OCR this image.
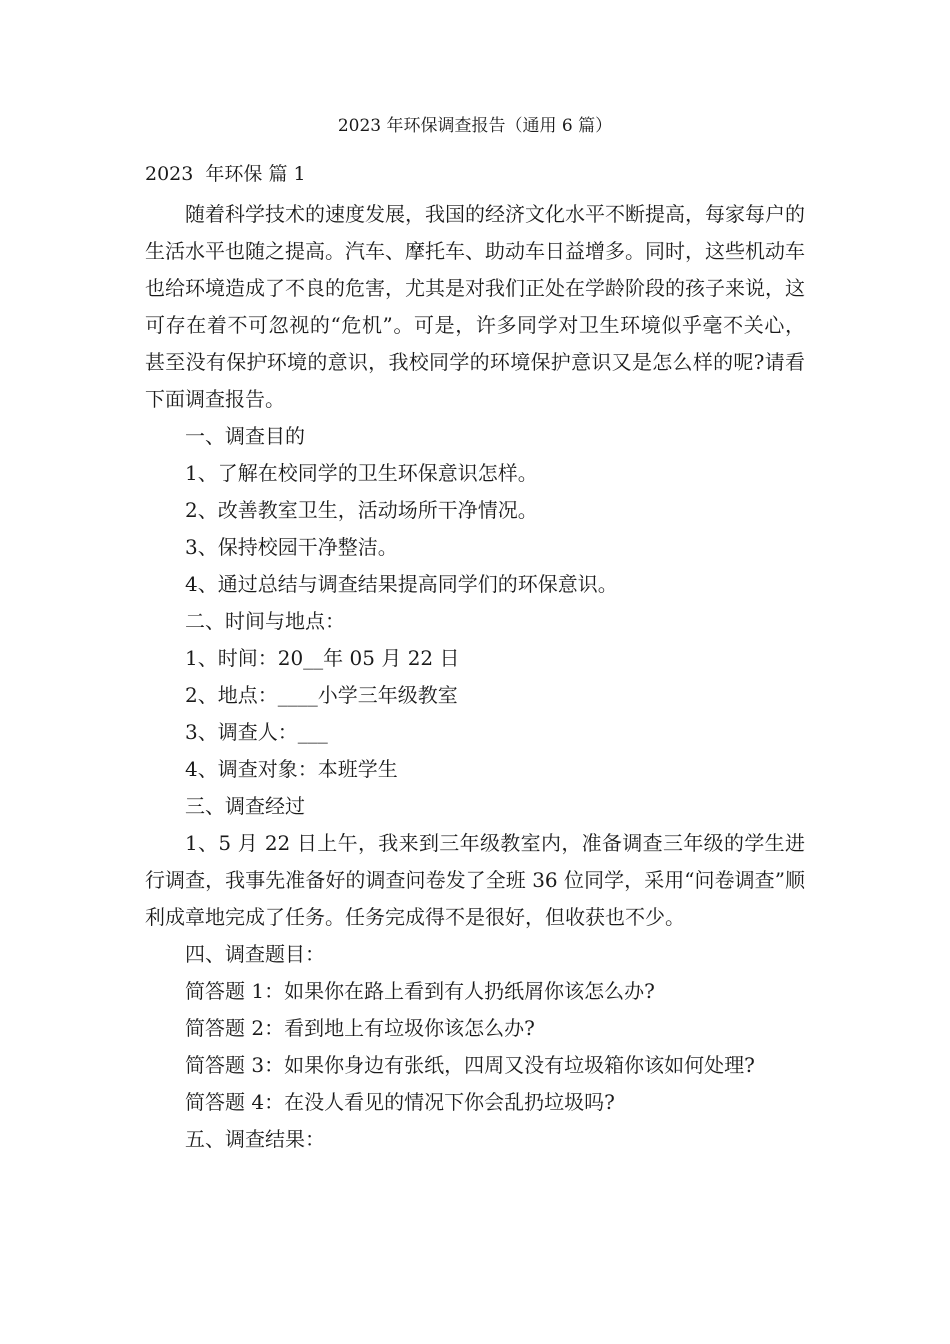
2023 年环保调查报告（通用 6 篇）
2023  年环保 篇 1

随着科学技术的速度发展，我国的经济文化水平不断提高，每家每户的生活水平也随之提高。汽车、摩托车、助动车日益增多。同时，这些机动车也给环境造成了不良的危害，尤其是对我们正处在学龄阶段的孩子来说，这可存在着不可忽视的“危机”。可是，许多同学对卫生环境似乎毫不关心，甚至没有保护环境的意识，我校同学的环境保护意识又是怎么样的呢?请看下面调查报告。

一、调查目的
1、了解在校同学的卫生环保意识怎样。
2、改善教室卫生，活动场所干净情况。
3、保持校园干净整洁。
4、通过总结与调查结果提高同学们的环保意识。
二、时间与地点：
1、时间：20__年 05 月 22 日
2、地点：____小学三年级教室
3、调查人：___
4、调查对象：本班学生
三、调查经过

1、5 月 22 日上午，我来到三年级教室内，准备调查三年级的学生进行调查，我事先准备好的调查问卷发了全班 36 位同学，采用“问卷调查”顺利成章地完成了任务。任务完成得不是很好，但收获也不少。

四、调查题目：
简答题 1：如果你在路上看到有人扔纸屑你该怎么办?
简答题 2：看到地上有垃圾你该怎么办?
简答题 3：如果你身边有张纸，四周又没有垃圾箱你该如何处理?
简答题 4：在没人看见的情况下你会乱扔垃圾吗?
五、调查结果：
